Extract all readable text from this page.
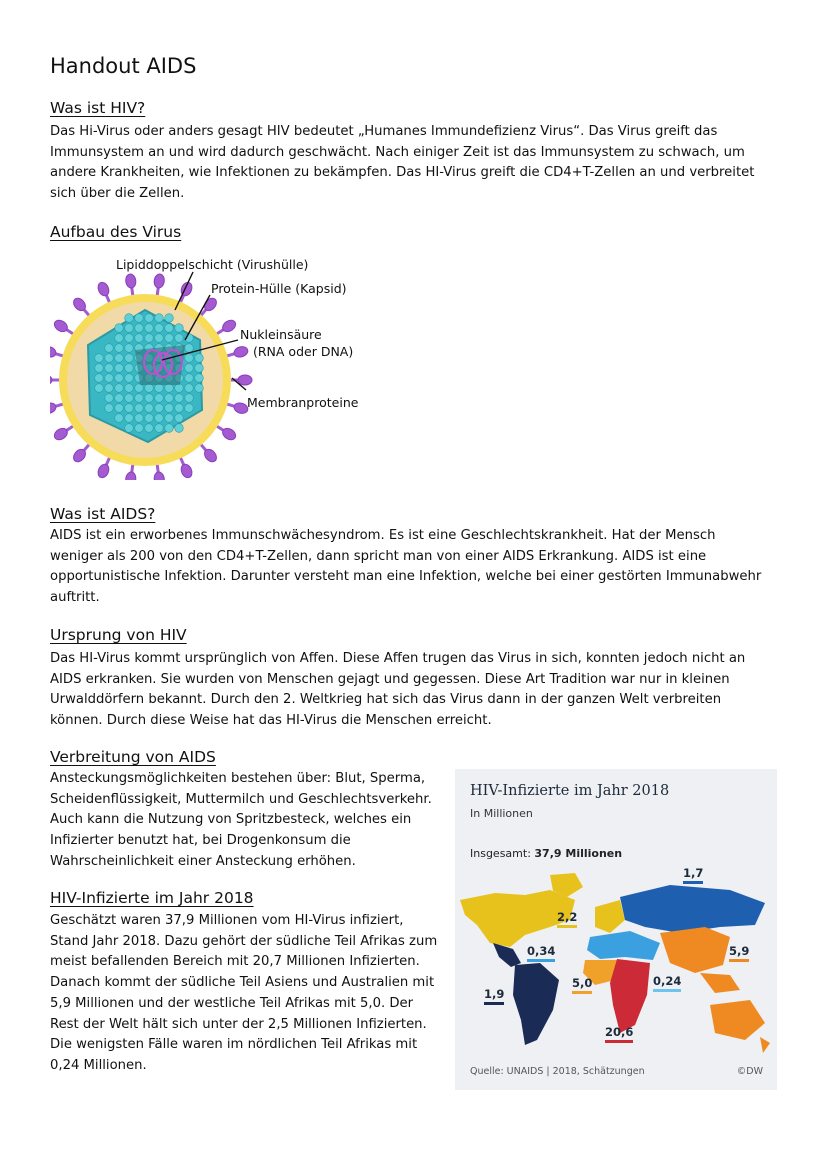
Handout AIDS
Was ist HIV?
Das Hi-Virus oder anders gesagt HIV bedeutet „Humanes Immundefizienz Virus“. Das Virus greift das Immunsystem an und wird dadurch geschwächt. Nach einiger Zeit ist das Immunsystem zu schwach, um andere Krankheiten, wie Infektionen zu bekämpfen. Das HI-Virus greift die CD4+T-Zellen an und verbreitet sich über die Zellen.
Aufbau des Virus
Lipiddoppelschicht (Virushülle)
Protein-Hülle (Kapsid)
Nukleinsäure
(RNA oder DNA)
Membranproteine
Was ist AIDS?
AIDS ist ein erworbenes Immunschwächesyndrom. Es ist eine Geschlechtskrankheit. Hat der Mensch weniger als 200 von den CD4+T-Zellen, dann spricht man von einer AIDS Erkrankung. AIDS ist eine opportunistische Infektion. Darunter versteht man eine Infektion, welche bei einer gestörten Immunabwehr auftritt.
Ursprung von HIV
Das HI-Virus kommt ursprünglich von Affen. Diese Affen trugen das Virus in sich, konnten jedoch nicht an AIDS erkranken. Sie wurden von Menschen gejagt und gegessen. Diese Art Tradition war nur in kleinen Urwalddörfern bekannt. Durch den 2. Weltkrieg hat sich das Virus dann in der ganzen Welt verbreiten können. Durch diese Weise hat das HI-Virus die Menschen erreicht.
Verbreitung von AIDS
Ansteckungsmöglichkeiten bestehen über: Blut, Sperma, Scheidenflüssigkeit, Muttermilch und Geschlechtsverkehr. Auch kann die Nutzung von Spritzbesteck, welches ein Infizierter benutzt hat, bei Drogenkonsum die Wahrscheinlichkeit einer Ansteckung erhöhen.
HIV-Infizierte im Jahr 2018
Geschätzt waren 37,9 Millionen vom HI-Virus infiziert, Stand Jahr 2018. Dazu gehört der südliche Teil Afrikas zum meist befallenden Bereich mit 20,7 Millionen Infizierten. Danach kommt der südliche Teil Asiens und Australien mit 5,9 Millionen und der westliche Teil Afrikas mit 5,0. Der Rest der Welt hält sich unter der 2,5 Millionen Infizierten. Die wenigsten Fälle waren im nördlichen Teil Afrikas mit 0,24 Millionen.
HIV-Infizierte im Jahr 2018
In Millionen
Insgesamt: 37,9 Millionen
1,7
2,2
0,34	5,9
5,0	0,24
1,9
20,6
Quelle: UNAIDS | 2018, Schätzungen	©DW
